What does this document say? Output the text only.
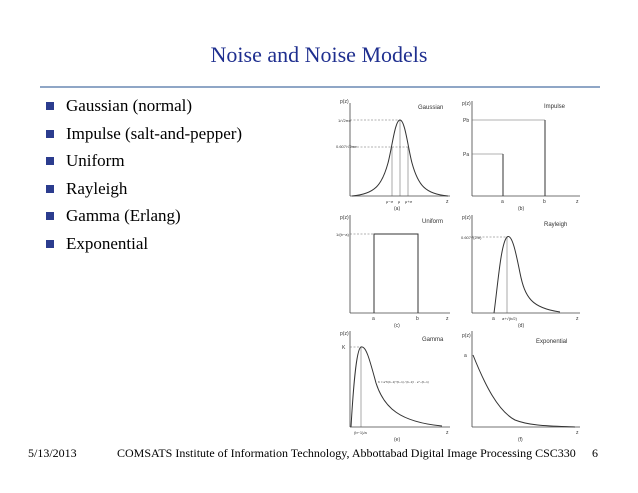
Noise and Noise Models
Gaussian (normal)
Impulse (salt-and-pepper)
Uniform
Rayleigh
Gamma (Erlang)
Exponential
p(z)
Gaussian
1/√2πσ
0.607/√2πσ
μ−σ μ μ+σ	z
(a)
p(z)	Impulse
Pb
Pa
a	b	z
(b)
p(z)
Uniform
1/(b−a)
a	b	z
(c)
p(z)
Rayleigh
0.607√(2/b)
a a+√(b/2)	z
(d)
p(z)
Gamma
K
K = a^b(b−1)^(b−1) / (b−1)! · e^−(b−1)
(b−1)/a	z
(e)
p(z)
Exponential
a
z
(f)
5/13/2013	COMSATS Institute of Information Technology, Abbottabad Digital Image Processing CSC330 6
